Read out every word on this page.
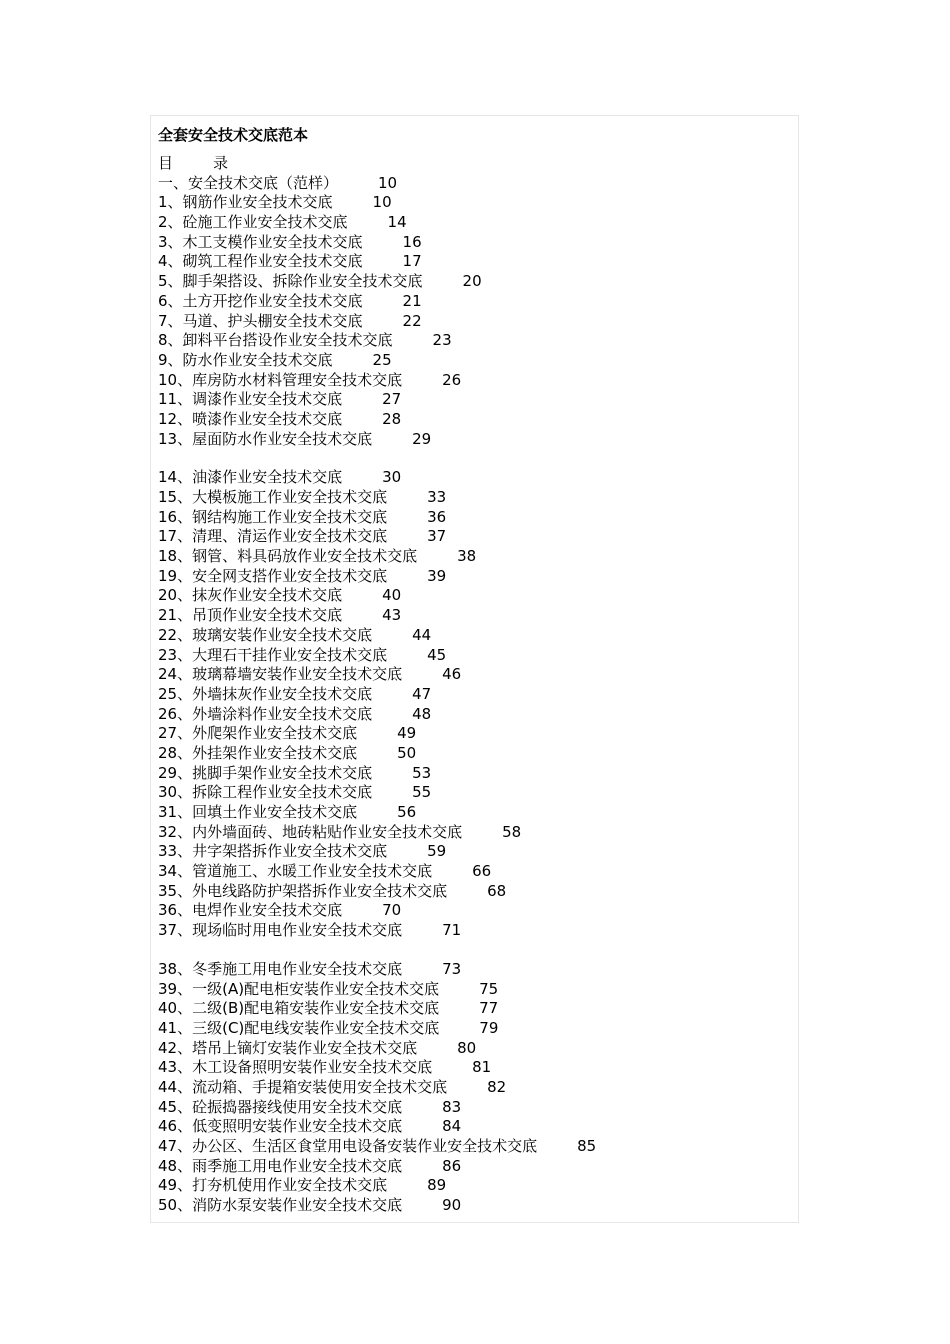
全套安全技术交底范本
目	录
一、安全技术交底（范样）	10
1、钢筋作业安全技术交底	10
2、砼施工作业安全技术交底	14
3、木工支模作业安全技术交底	16
4、砌筑工程作业安全技术交底	17
5、脚手架搭设、拆除作业安全技术交底	20
6、土方开挖作业安全技术交底	21
7、马道、护头棚安全技术交底	22
8、卸料平台搭设作业安全技术交底	23
9、防水作业安全技术交底	25
10、库房防水材料管理安全技术交底	26
11、调漆作业安全技术交底	27
12、喷漆作业安全技术交底	28
13、屋面防水作业安全技术交底	29
14、油漆作业安全技术交底	30
15、大模板施工作业安全技术交底	33
16、钢结构施工作业安全技术交底	36
17、清理、清运作业安全技术交底	37
18、钢管、料具码放作业安全技术交底	38
19、安全网支搭作业安全技术交底	39
20、抹灰作业安全技术交底	40
21、吊顶作业安全技术交底	43
22、玻璃安装作业安全技术交底	44
23、大理石干挂作业安全技术交底	45
24、玻璃幕墙安装作业安全技术交底	46
25、外墙抹灰作业安全技术交底	47
26、外墙涂料作业安全技术交底	48
27、外爬架作业安全技术交底	49
28、外挂架作业安全技术交底	50
29、挑脚手架作业安全技术交底	53
30、拆除工程作业安全技术交底	55
31、回填土作业安全技术交底	56
32、内外墙面砖、地砖粘贴作业安全技术交底	58
33、井字架搭拆作业安全技术交底	59
34、管道施工、水暖工作业安全技术交底	66
35、外电线路防护架搭拆作业安全技术交底	68
36、电焊作业安全技术交底	70
37、现场临时用电作业安全技术交底	71
38、冬季施工用电作业安全技术交底	73
39、一级(A)配电柜安装作业安全技术交底	75
40、二级(B)配电箱安装作业安全技术交底	77
41、三级(C)配电线安装作业安全技术交底	79
42、塔吊上镝灯安装作业安全技术交底	80
43、木工设备照明安装作业安全技术交底	81
44、流动箱、手提箱安装使用安全技术交底	82
45、砼振捣器接线使用安全技术交底	83
46、低变照明安装作业安全技术交底	84
47、办公区、生活区食堂用电设备安装作业安全技术交底	85
48、雨季施工用电作业安全技术交底	86
49、打夯机使用作业安全技术交底	89
50、消防水泵安装作业安全技术交底	90
